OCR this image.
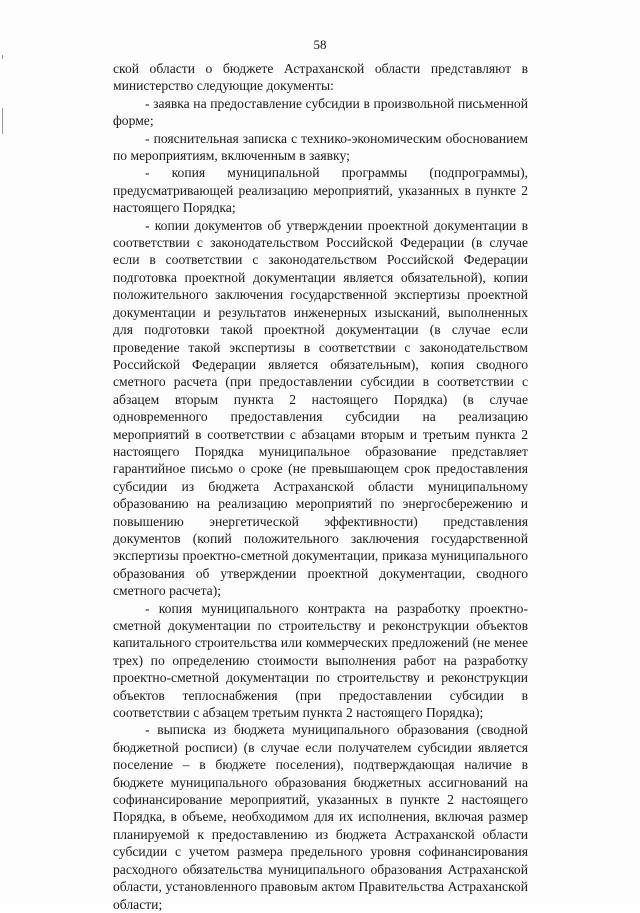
58

ской области о бюджете Астраханской области представляют в министерство следующие документы:

- заявка на предоставление субсидии в произвольной письменной форме;

- пояснительная записка с технико-экономическим обоснованием по мероприятиям, включенным в заявку;

- копия муниципальной программы (подпрограммы), предусматривающей реализацию мероприятий, указанных в пункте 2 настоящего Порядка;

- копии документов об утверждении проектной документации в соответствии с законодательством Российской Федерации (в случае если в соответствии с законодательством Российской Федерации подготовка проектной документации является обязательной), копии положительного заключения государственной экспертизы проектной документации и результатов инженерных изысканий, выполненных для подготовки такой проектной документации (в случае если проведение такой экспертизы в соответствии с законодательством Российской Федерации является обязательным), копия сводного сметного расчета (при предоставлении субсидии в соответствии с абзацем вторым пункта 2 настоящего Порядка) (в случае одновременного предоставления субсидии на реализацию мероприятий в соответствии с абзацами вторым и третьим пункта 2 настоящего Порядка муниципальное образование представляет гарантийное письмо о сроке (не превышающем срок предоставления субсидии из бюджета Астраханской области муниципальному образованию на реализацию мероприятий по энергосбережению и повышению энергетической эффективности) представления документов (копий положительного заключения государственной экспертизы проектно-сметной документации, приказа муниципального образования об утверждении проектной документации, сводного сметного расчета);

- копия муниципального контракта на разработку проектно-сметной документации по строительству и реконструкции объектов капитального строительства или коммерческих предложений (не менее трех) по определению стоимости выполнения работ на разработку проектно-сметной документации по строительству и реконструкции объектов теплоснабжения (при предоставлении субсидии в соответствии с абзацем третьим пункта 2 настоящего Порядка);

- выписка из бюджета муниципального образования (сводной бюджетной росписи) (в случае если получателем субсидии является поселение – в бюджете поселения), подтверждающая наличие в бюджете муниципального образования бюджетных ассигнований на софинансирование мероприятий, указанных в пункте 2 настоящего Порядка, в объеме, необходимом для их исполнения, включая размер планируемой к предоставлению из бюджета Астраханской области субсидии с учетом размера предельного уровня софинансирования расходного обязательства муниципального образования Астраханской области, установленного правовым актом Правительства Астраханской области;
